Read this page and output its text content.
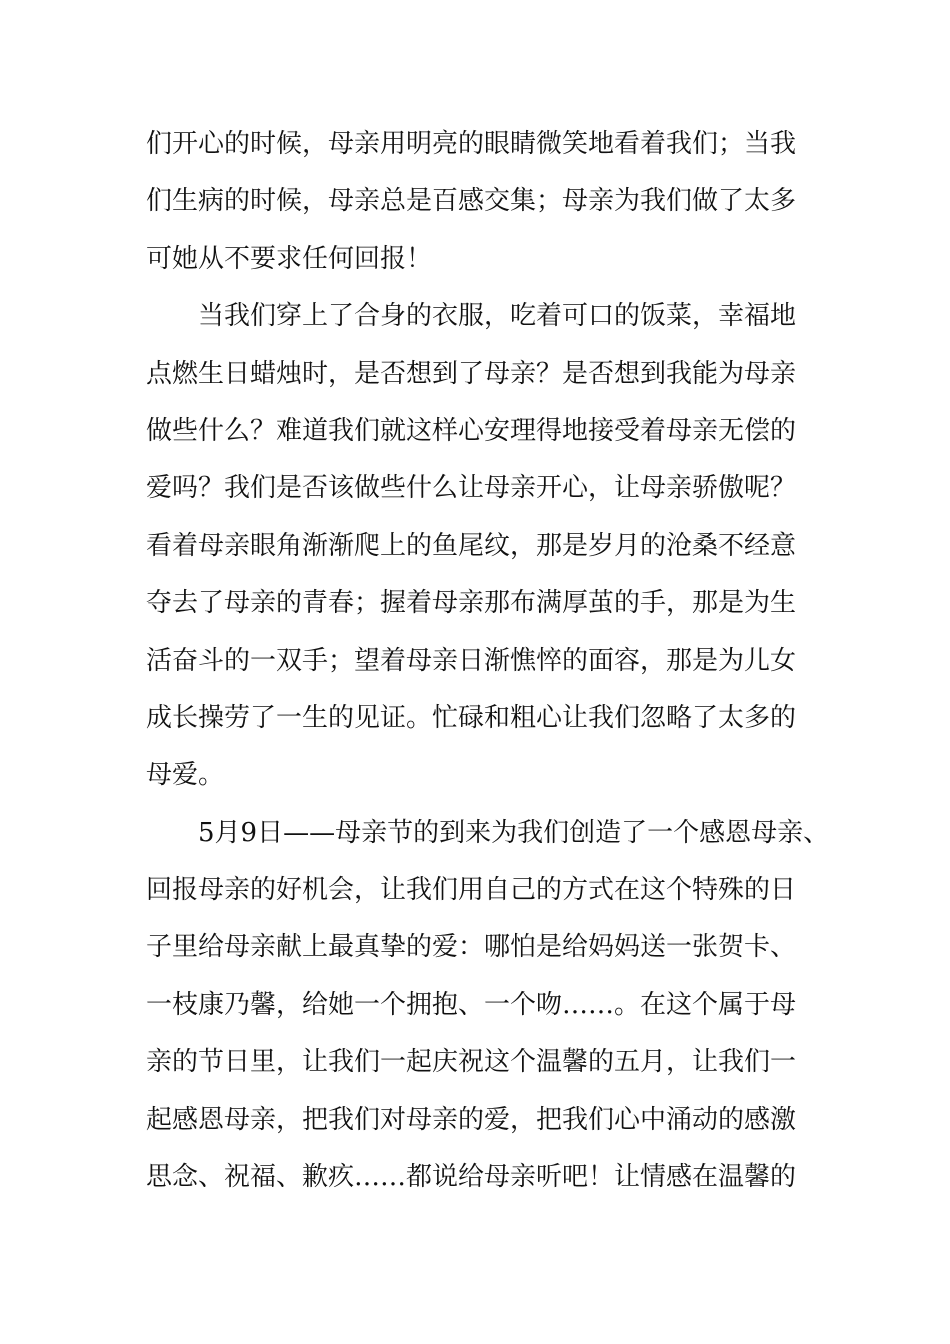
们开心的时候，母亲用明亮的眼睛微笑地看着我们；当我
们生病的时候，母亲总是百感交集；母亲为我们做了太多
可她从不要求任何回报！
当我们穿上了合身的衣服，吃着可口的饭菜，幸福地
点燃生日蜡烛时，是否想到了母亲？是否想到我能为母亲
做些什么？难道我们就这样心安理得地接受着母亲无偿的
爱吗？我们是否该做些什么让母亲开心，让母亲骄傲呢？
看着母亲眼角渐渐爬上的鱼尾纹，那是岁月的沧桑不经意
夺去了母亲的青春；握着母亲那布满厚茧的手，那是为生
活奋斗的一双手；望着母亲日渐憔悴的面容，那是为儿女
成长操劳了一生的见证。忙碌和粗心让我们忽略了太多的
母爱。
5月9日——母亲节的到来为我们创造了一个感恩母亲、
回报母亲的好机会，让我们用自己的方式在这个特殊的日
子里给母亲献上最真挚的爱：哪怕是给妈妈送一张贺卡、
一枝康乃馨，给她一个拥抱、一个吻……。在这个属于母
亲的节日里，让我们一起庆祝这个温馨的五月，让我们一
起感恩母亲，把我们对母亲的爱，把我们心中涌动的感激
思念、祝福、歉疚……都说给母亲听吧！让情感在温馨的
